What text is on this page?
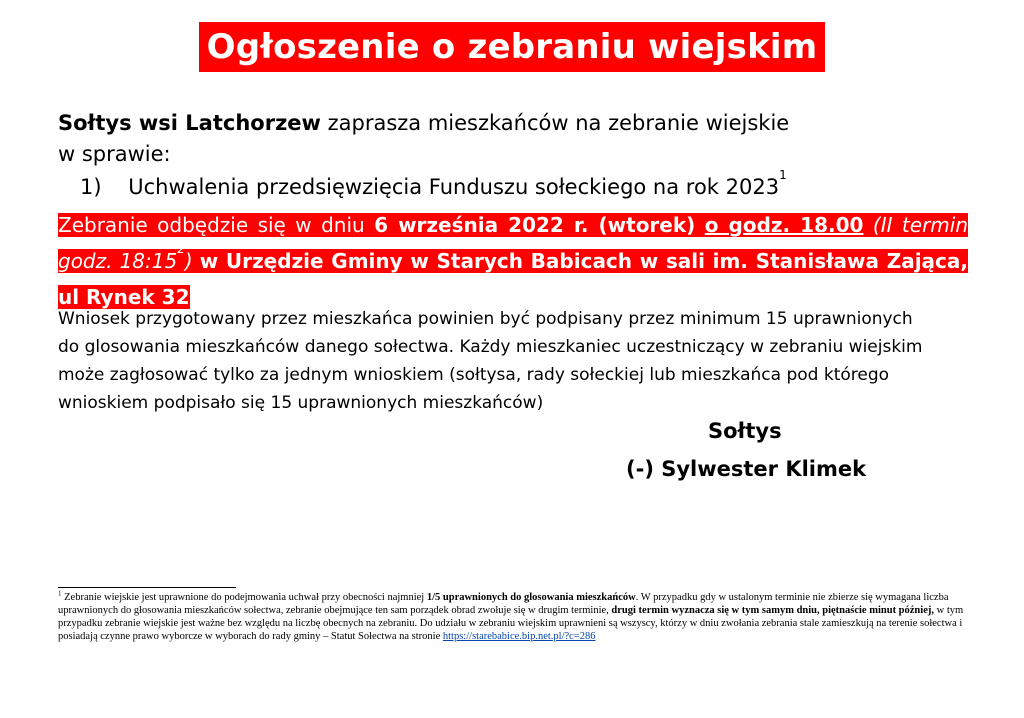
Ogłoszenie o zebraniu wiejskim

Sołtys wsi Latchorzew zaprasza mieszkańców na zebranie wiejskie

w sprawie:

1) Uchwalenia przedsięwzięcia Funduszu sołeckiego na rok 2023$^1$
Zebranie odbędzie się w dniu 6 września 2022 r. (wtorek) o godz. 18.00 (II termin godz. $18:15^2$) w Urzędzie Gminy w Starych Babicach w sali im. Stanisława Zająca, ul Rynek 32

Wniosek przygotowany przez mieszkańca powinien być podpisany przez minimum 15 uprawnionych

do glosowania mieszkańców danego sołectwa. Każdy mieszkaniec uczestniczący w zebraniu wiejskim

może zagłosować tylko za jednym wnioskiem (sołtysa, rady sołeckiej lub mieszkańca pod którego

wnioskiem podpisało się 15 uprawnionych mieszkańców)

Sołtys
(-) Sylwester Klimek

$^1$ Zebranie wiejskie jest uprawnione do podejmowania uchwał przy obecności najmniej 1/5 uprawnionych do glosowania mieszkańców. W przypadku gdy w ustalonym terminie nie zbierze się wymagana liczba uprawnionych do głosowania mieszkańców sołectwa, zebranie obejmujące ten sam porządek obrad zwołuje się w drugim terminie, drugi termin wyznacza się w tym samym dniu, piętnaście minut później, w tym przypadku zebranie wiejskie jest ważne bez względu na liczbę obecnych na zebraniu. Do udziału w zebraniu wiejskim uprawnieni są wszyscy, którzy w dniu zwołania zebrania stale zamieszkują na terenie sołectwa i posiadają czynne prawo wyborcze w wyborach do rady gminy – Statut Sołectwa na stronie https://starebabice.bip.net.pl/?c=286
